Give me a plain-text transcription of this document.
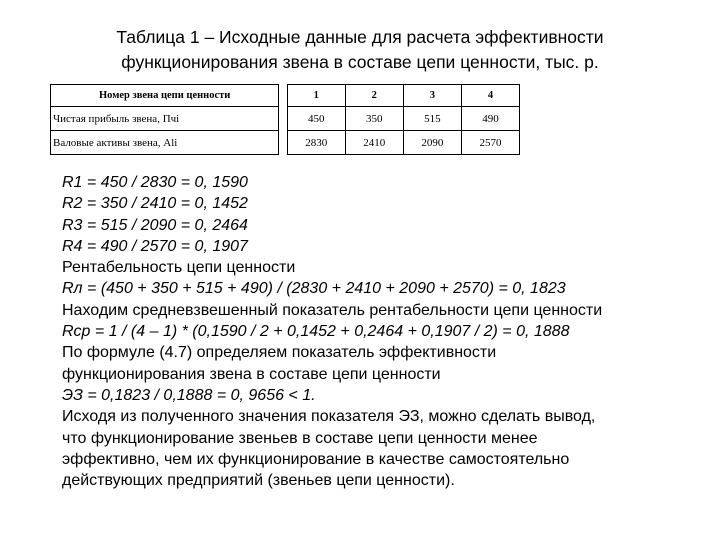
Таблица 1 – Исходные данные для расчета эффективности
функционирования звена в составе цепи ценности, тыс. р.
Номер звена цепи ценности		1	2	3	4
Чистая прибыль звена, Пчi		450	350	515	490
Валовые активы звена, Аli		2830	2410	2090	2570
R1 = 450 / 2830 = 0, 1590
R2 = 350 / 2410 = 0, 1452
R3 = 515 / 2090 = 0, 2464
R4 = 490 / 2570 = 0, 1907
Рентабельность цепи ценности
Rл = (450 + 350 + 515 + 490) / (2830 + 2410 + 2090 + 2570) = 0, 1823
Находим средневзвешенный показатель рентабельности цепи ценности
Rср = 1 / (4 – 1) * (0,1590 / 2 + 0,1452 + 0,2464 + 0,1907 / 2) = 0, 1888
По формуле (4.7) определяем показатель эффективности
функционирования звена в составе цепи ценности
ЭЗ = 0,1823 / 0,1888 = 0, 9656 < 1.
Исходя из полученного значения показателя ЭЗ, можно сделать вывод,
что функционирование звеньев в составе цепи ценности менее
эффективно, чем их функционирование в качестве самостоятельно
действующих предприятий (звеньев цепи ценности).
